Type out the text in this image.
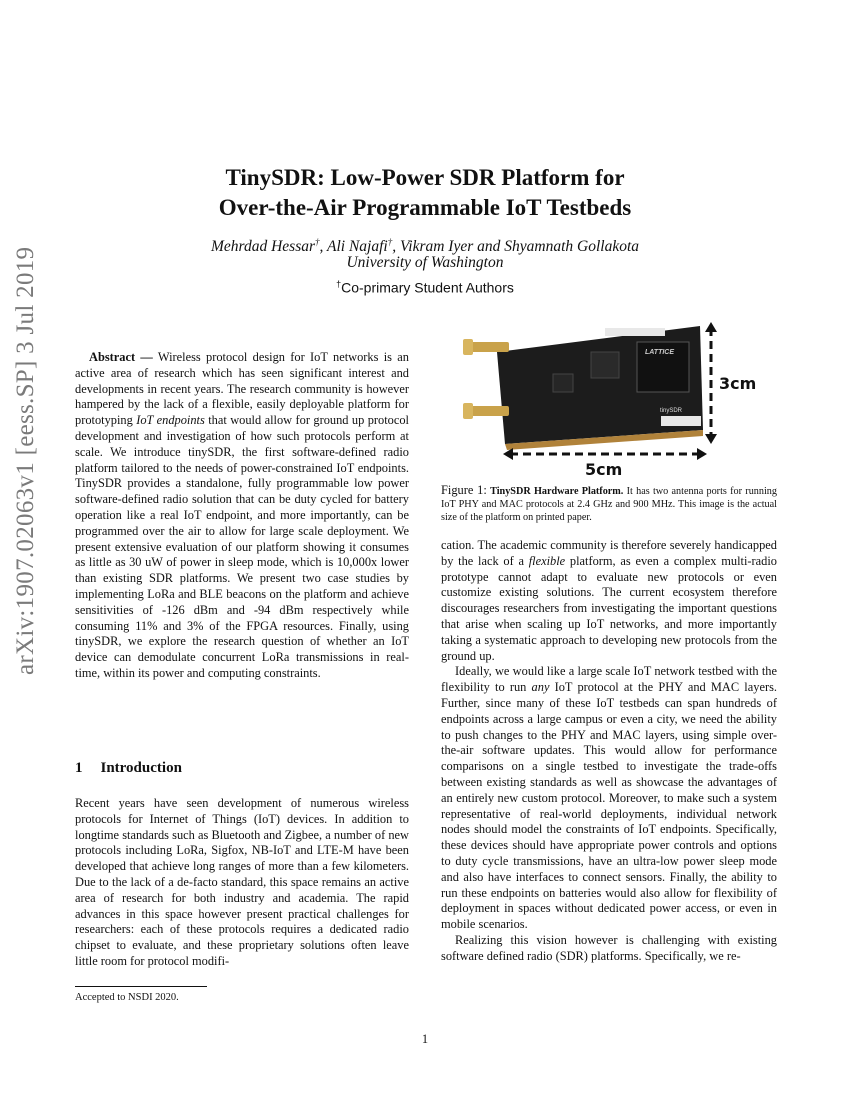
arXiv:1907.02063v1 [eess.SP] 3 Jul 2019
TinySDR: Low-Power SDR Platform for
Over-the-Air Programmable IoT Testbeds
Mehrdad Hessar†, Ali Najafi†, Vikram Iyer and Shyamnath Gollakota
University of Washington
†Co-primary Student Authors

Abstract — Wireless protocol design for IoT networks is an active area of research which has seen significant interest and developments in recent years. The research community is however hampered by the lack of a flexible, easily deployable platform for prototyping IoT endpoints that would allow for ground up protocol development and investigation of how such protocols perform at scale. We introduce tinySDR, the first software-defined radio platform tailored to the needs of power-constrained IoT endpoints. TinySDR provides a standalone, fully programmable low power software-defined radio solution that can be duty cycled for battery operation like a real IoT endpoint, and more importantly, can be programmed over the air to allow for large scale deployment. We present extensive evaluation of our platform showing it consumes as little as 30 uW of power in sleep mode, which is 10,000x lower than existing SDR platforms. We present two case studies by implementing LoRa and BLE beacons on the platform and achieve sensitivities of -126 dBm and -94 dBm respectively while consuming 11% and 3% of the FPGA resources. Finally, using tinySDR, we explore the research question of whether an IoT device can demodulate concurrent LoRa transmissions in real-time, within its power and computing constraints.

1 Introduction

Recent years have seen development of numerous wireless protocols for Internet of Things (IoT) devices. In addition to longtime standards such as Bluetooth and Zigbee, a number of new protocols including LoRa, Sigfox, NB-IoT and LTE-M have been developed that achieve long ranges of more than a few kilometers. Due to the lack of a de-facto standard, this space remains an active area of research for both industry and academia. The rapid advances in this space however present practical challenges for researchers: each of these protocols requires a dedicated radio chipset to evaluate, and these proprietary solutions often leave little room for protocol modifi-

Accepted to NSDI 2020.
LATTICE
tinySDR
3cm
5cm
Figure 1: TinySDR Hardware Platform. It has two antenna ports for running IoT PHY and MAC protocols at 2.4 GHz and 900 MHz. This image is the actual size of the platform on printed paper.

cation. The academic community is therefore severely handicapped by the lack of a flexible platform, as even a complex multi-radio prototype cannot adapt to evaluate new protocols or even customize existing solutions. The current ecosystem therefore discourages researchers from investigating the important questions that arise when scaling up IoT networks, and more importantly taking a systematic approach to developing new protocols from the ground up.

Ideally, we would like a large scale IoT network testbed with the flexibility to run any IoT protocol at the PHY and MAC layers. Further, since many of these IoT testbeds can span hundreds of endpoints across a large campus or even a city, we need the ability to push changes to the PHY and MAC layers, using simple over-the-air software updates. This would allow for performance comparisons on a single testbed to investigate the trade-offs between existing standards as well as showcase the advantages of an entirely new custom protocol. Moreover, to make such a system representative of real-world deployments, individual network nodes should model the constraints of IoT endpoints. Specifically, these devices should have appropriate power controls and options to duty cycle transmissions, have an ultra-low power sleep mode and also have interfaces to connect sensors. Finally, the ability to run these endpoints on batteries would also allow for flexibility of deployment in spaces without dedicated power access, or even in mobile scenarios.

Realizing this vision however is challenging with existing software defined radio (SDR) platforms. Specifically, we re-

1
